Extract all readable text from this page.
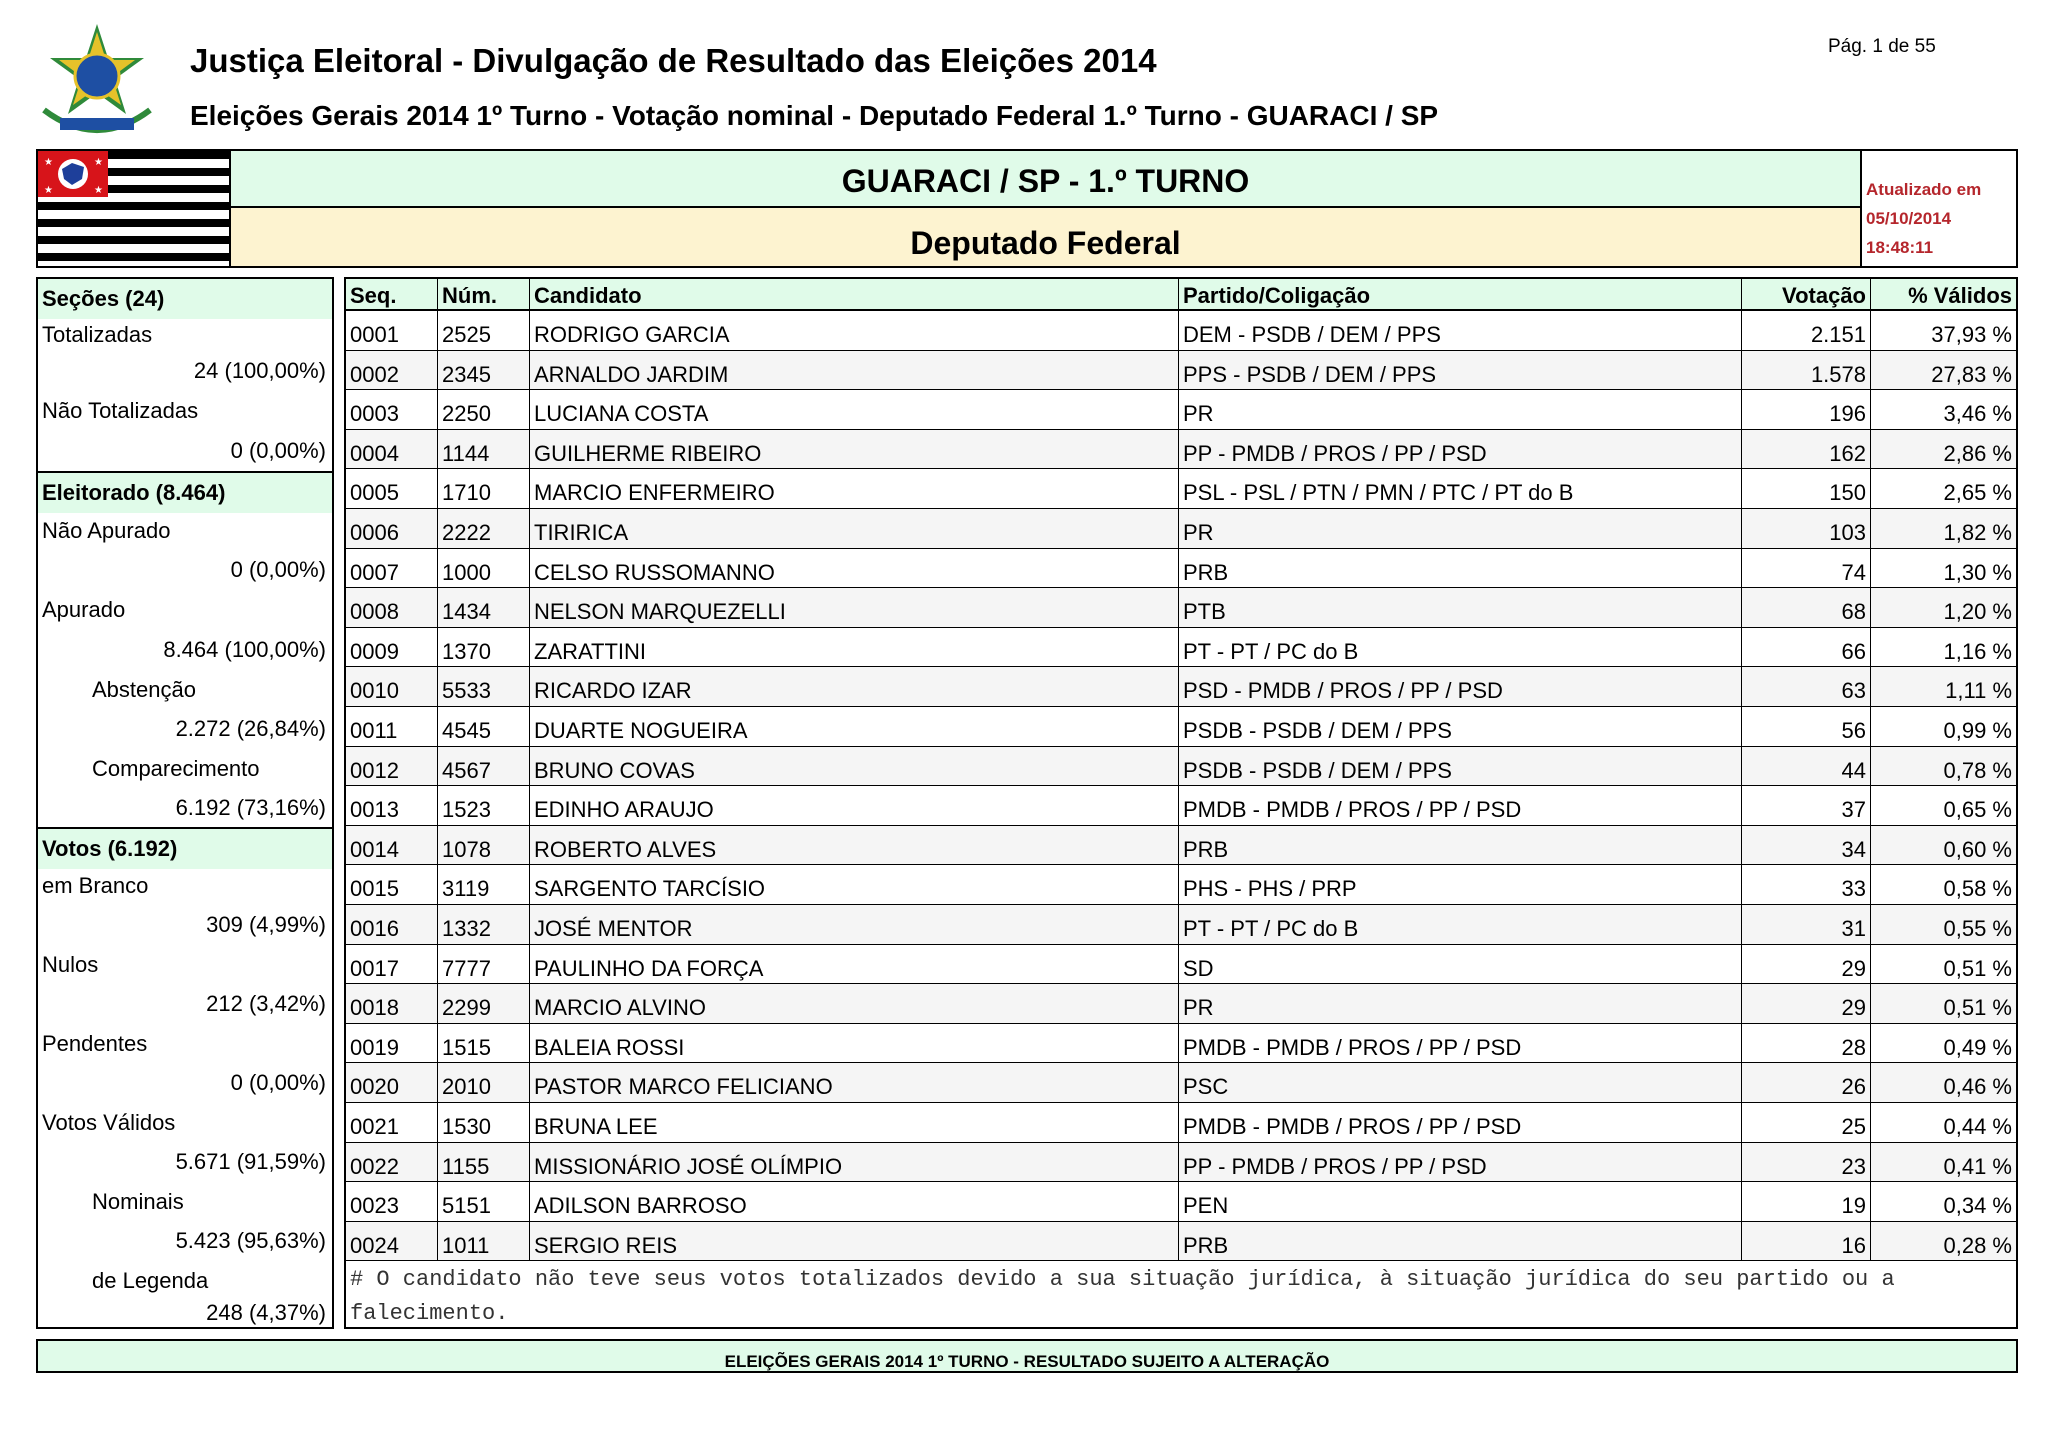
Justiça Eleitoral - Divulgação de Resultado das Eleições 2014
Eleições Gerais 2014 1º Turno - Votação nominal - Deputado Federal 1.º Turno - GUARACI / SP
Pág. 1 de 55
★	★
★	★	GUARACI / SP - 1.º TURNO
Deputado Federal
Atualizado em
05/10/2014
18:48:11
Seções (24)
Totalizadas
24 (100,00%)
Não Totalizadas
0 (0,00%)
Eleitorado (8.464)
Não Apurado
0 (0,00%)
Apurado
8.464 (100,00%)
Abstenção
2.272 (26,84%)
Comparecimento
6.192 (73,16%)
Votos (6.192)
em Branco
309 (4,99%)
Nulos
212 (3,42%)
Pendentes
0 (0,00%)
Votos Válidos
5.671 (91,59%)
Nominais
5.423 (95,63%)
de Legenda
248 (4,37%)
Seq.	Núm.	Candidato	Partido/Coligação	Votação	% Válidos
0001	2525	RODRIGO GARCIA	DEM - PSDB / DEM / PPS	2.151	37,93 %
0002	2345	ARNALDO JARDIM	PPS - PSDB / DEM / PPS	1.578	27,83 %
0003	2250	LUCIANA COSTA	PR	196	3,46 %
0004	1144	GUILHERME RIBEIRO	PP - PMDB / PROS / PP / PSD	162	2,86 %
0005	1710	MARCIO ENFERMEIRO	PSL - PSL / PTN / PMN / PTC / PT do B	150	2,65 %
0006	2222	TIRIRICA	PR	103	1,82 %
0007	1000	CELSO RUSSOMANNO	PRB	74	1,30 %
0008	1434	NELSON MARQUEZELLI	PTB	68	1,20 %
0009	1370	ZARATTINI	PT - PT / PC do B	66	1,16 %
0010	5533	RICARDO IZAR	PSD - PMDB / PROS / PP / PSD	63	1,11 %
0011	4545	DUARTE NOGUEIRA	PSDB - PSDB / DEM / PPS	56	0,99 %
0012	4567	BRUNO COVAS	PSDB - PSDB / DEM / PPS	44	0,78 %
0013	1523	EDINHO ARAUJO	PMDB - PMDB / PROS / PP / PSD	37	0,65 %
0014	1078	ROBERTO ALVES	PRB	34	0,60 %
0015	3119	SARGENTO TARCÍSIO	PHS - PHS / PRP	33	0,58 %
0016	1332	JOSÉ MENTOR	PT - PT / PC do B	31	0,55 %
0017	7777	PAULINHO DA FORÇA	SD	29	0,51 %
0018	2299	MARCIO ALVINO	PR	29	0,51 %
0019	1515	BALEIA ROSSI	PMDB - PMDB / PROS / PP / PSD	28	0,49 %
0020	2010	PASTOR MARCO FELICIANO	PSC	26	0,46 %
0021	1530	BRUNA LEE	PMDB - PMDB / PROS / PP / PSD	25	0,44 %
0022	1155	MISSIONÁRIO JOSÉ OLÍMPIO	PP - PMDB / PROS / PP / PSD	23	0,41 %
0023	5151	ADILSON BARROSO	PEN	19	0,34 %
0024	1011	SERGIO REIS	PRB	16	0,28 %
# O candidato não teve seus votos totalizados devido a sua situação jurídica, à situação jurídica do seu partido ou a falecimento.
ELEIÇÕES GERAIS 2014 1º TURNO - RESULTADO SUJEITO A ALTERAÇÃO
